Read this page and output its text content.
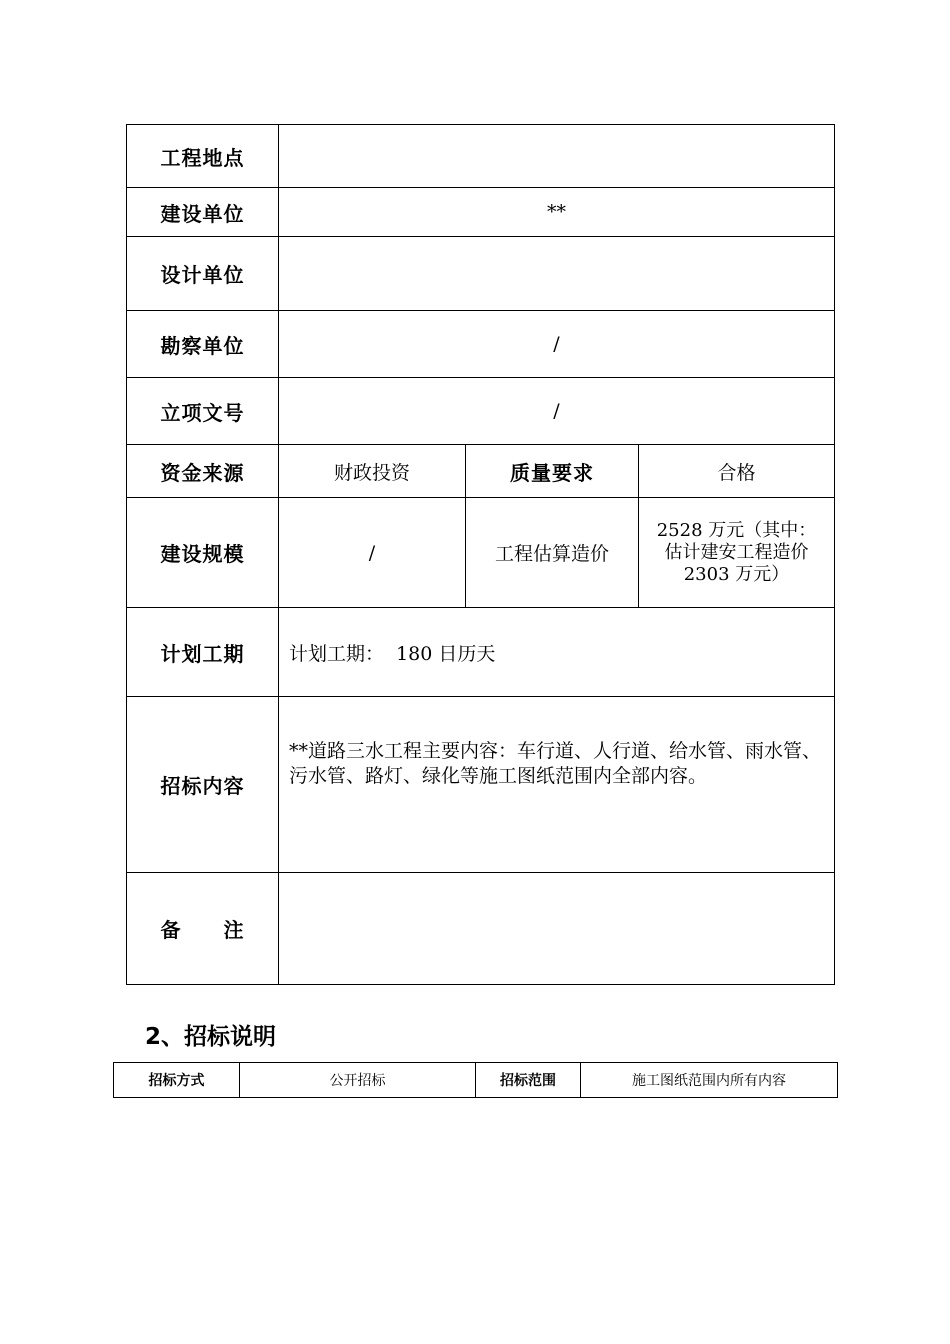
工程地点			
建设单位	**		
设计单位			
勘察单位	/		
立项文号	/		
资金来源	财政投资	质量要求	合格
建设规模	/	工程估算造价	2528 万元（其中：估计建安工程造价 2303 万元）
计划工期	计划工期：  180 日历天		
招标内容	**道路三水工程主要内容：车行道、人行道、给水管、雨水管、污水管、路灯、绿化等施工图纸范围内全部内容。		
备 注			
2、招标说明
招标方式	公开招标	招标范围	施工图纸范围内所有内容
